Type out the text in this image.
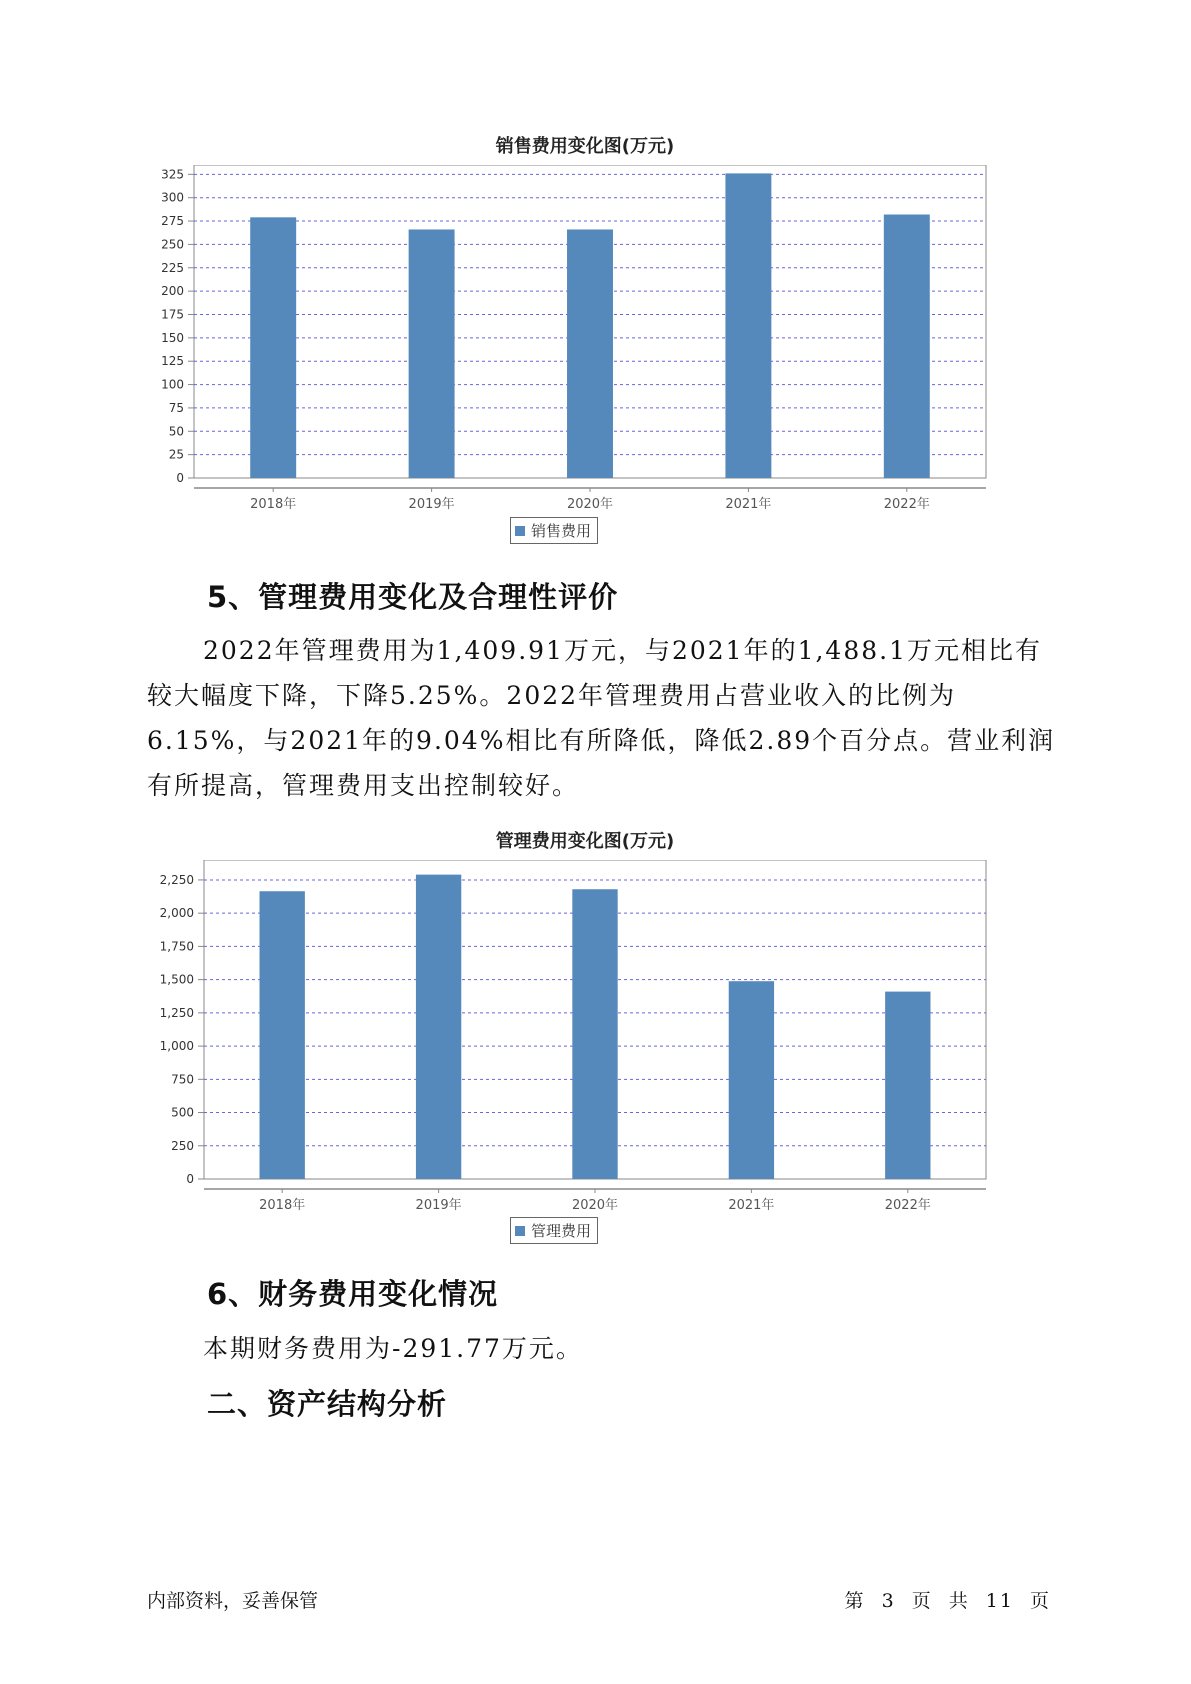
销售费用变化图(万元)
0
25
50
75
100
125
150
175
200
225
250
275
300
325
2018年	2019年	2020年	2021年	2022年
销售费用
5、管理费用变化及合理性评价

2022年管理费用为1,409.91万元，与2021年的1,488.1万元相比有较大幅度下降，下降5.25%。2022年管理费用占营业收入的比例为6.15%，与2021年的9.04%相比有所降低，降低2.89个百分点。营业利润有所提高，管理费用支出控制较好。

管理费用变化图(万元)
0
250
500
750
1,000
1,250
1,500
1,750
2,000
2,250
2018年	2019年	2020年	2021年	2022年
管理费用
6、财务费用变化情况

本期财务费用为-291.77万元。

二、资产结构分析
内部资料，妥善保管	第 3 页 共 11 页
